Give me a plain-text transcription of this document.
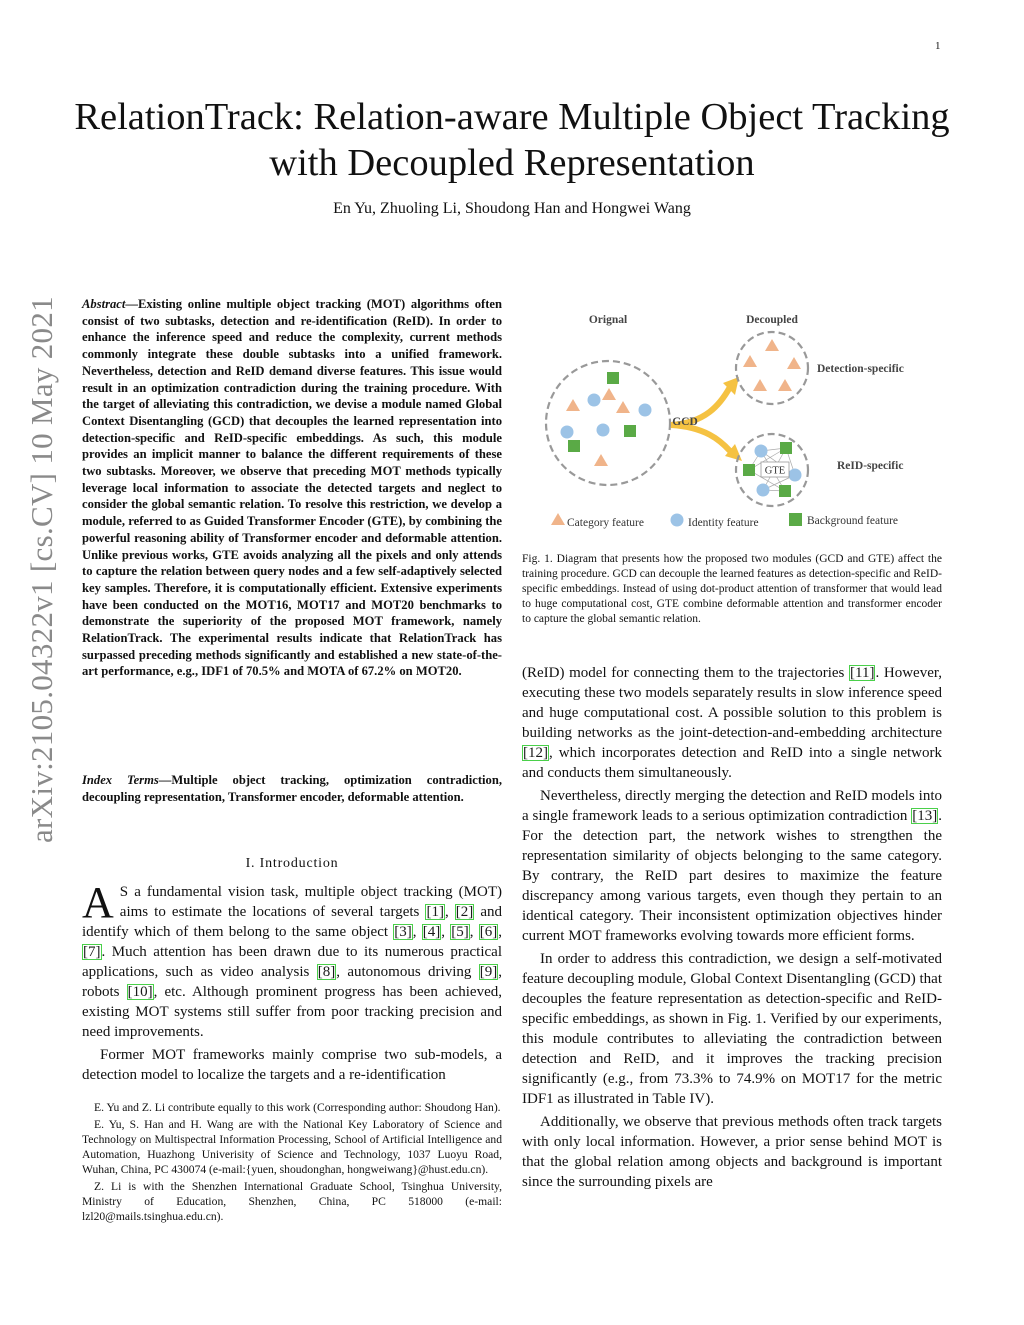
1
arXiv:2105.04322v1 [cs.CV] 10 May 2021
RelationTrack: Relation-aware Multiple Object Tracking with Decoupled Representation
En Yu, Zhuoling Li, Shoudong Han and Hongwei Wang
Abstract—Existing online multiple object tracking (MOT) algorithms often consist of two subtasks, detection and re-identification (ReID). In order to enhance the inference speed and reduce the complexity, current methods commonly integrate these double subtasks into a unified framework. Nevertheless, detection and ReID demand diverse features. This issue would result in an optimization contradiction during the training procedure. With the target of alleviating this contradiction, we devise a module named Global Context Disentangling (GCD) that decouples the learned representation into detection-specific and ReID-specific embeddings. As such, this module provides an implicit manner to balance the different requirements of these two subtasks. Moreover, we observe that preceding MOT methods typically leverage local information to associate the detected targets and neglect to consider the global semantic relation. To resolve this restriction, we develop a module, referred to as Guided Transformer Encoder (GTE), by combining the powerful reasoning ability of Transformer encoder and deformable attention. Unlike previous works, GTE avoids analyzing all the pixels and only attends to capture the relation between query nodes and a few self-adaptively selected key samples. Therefore, it is computationally efficient. Extensive experiments have been conducted on the MOT16, MOT17 and MOT20 benchmarks to demonstrate the superiority of the proposed MOT framework, namely RelationTrack. The experimental results indicate that RelationTrack has surpassed preceding methods significantly and established a new state-of-the-art performance, e.g., IDF1 of 70.5% and MOTA of 67.2% on MOT20.
Index Terms—Multiple object tracking, optimization contradiction, decoupling representation, Transformer encoder, deformable attention.
I. Introduction
A S a fundamental vision task, multiple object tracking (MOT) aims to estimate the locations of several targets [1], [2] and identify which of them belong to the same object [3], [4], [5], [6], [7]. Much attention has been drawn due to its numerous practical applications, such as video analysis [8], autonomous driving [9], robots [10], etc. Although prominent progress has been achieved, existing MOT systems still suffer from poor tracking precision and need improvements.
Former MOT frameworks mainly comprise two sub-models, a detection model to localize the targets and a re-identification

E. Yu and Z. Li contribute equally to this work (Corresponding author: Shoudong Han).

E. Yu, S. Han and H. Wang are with the National Key Laboratory of Science and Technology on Multispectral Information Processing, School of Artificial Intelligence and Automation, Huazhong Univerisity of Science and Technology, 1037 Luoyu Road, Wuhan, China, PC 430074 (e-mail:{yuen, shoudonghan, hongweiwang}@hust.edu.cn).

Z. Li is with the Shenzhen International Graduate School, Tsinghua University, Ministry of Education, Shenzhen, China, PC 518000 (e-mail: lzl20@mails.tsinghua.edu.cn).

Orignal	Decoupled
GCD
Detection-specific
GTE	ReID-specific
Category feature	Identity feature	Background feature
Fig. 1. Diagram that presents how the proposed two modules (GCD and GTE) affect the training procedure. GCD can decouple the learned features as detection-specific and ReID-specific embeddings. Instead of using dot-product attention of transformer that would lead to huge computational cost, GTE combine deformable attention and transformer encoder to capture the global semantic relation.

(ReID) model for connecting them to the trajectories [11]. However, executing these two models separately results in slow inference speed and huge computational cost. A possible solution to this problem is building networks as the joint-detection-and-embedding architecture [12], which incorporates detection and ReID into a single network and conducts them simultaneously.

Nevertheless, directly merging the detection and ReID models into a single framework leads to a serious optimization contradiction [13]. For the detection part, the network wishes to strengthen the representation similarity of objects belonging to the same category. By contrary, the ReID part desires to maximize the feature discrepancy among various targets, even though they pertain to an identical category. Their inconsistent optimization objectives hinder current MOT frameworks evolving towards more efficient forms.

In order to address this contradiction, we design a self-motivated feature decoupling module, Global Context Disentangling (GCD) that decouples the feature representation as detection-specific and ReID-specific embeddings, as shown in Fig. 1. Verified by our experiments, this module contributes to alleviating the contradiction between detection and ReID, and it improves the tracking precision significantly (e.g., from 73.3% to 74.9% on MOT17 for the metric IDF1 as illustrated in Table IV).

Additionally, we observe that previous methods often track targets with only local information. However, a prior sense behind MOT is that the global relation among objects and background is important since the surrounding pixels are
